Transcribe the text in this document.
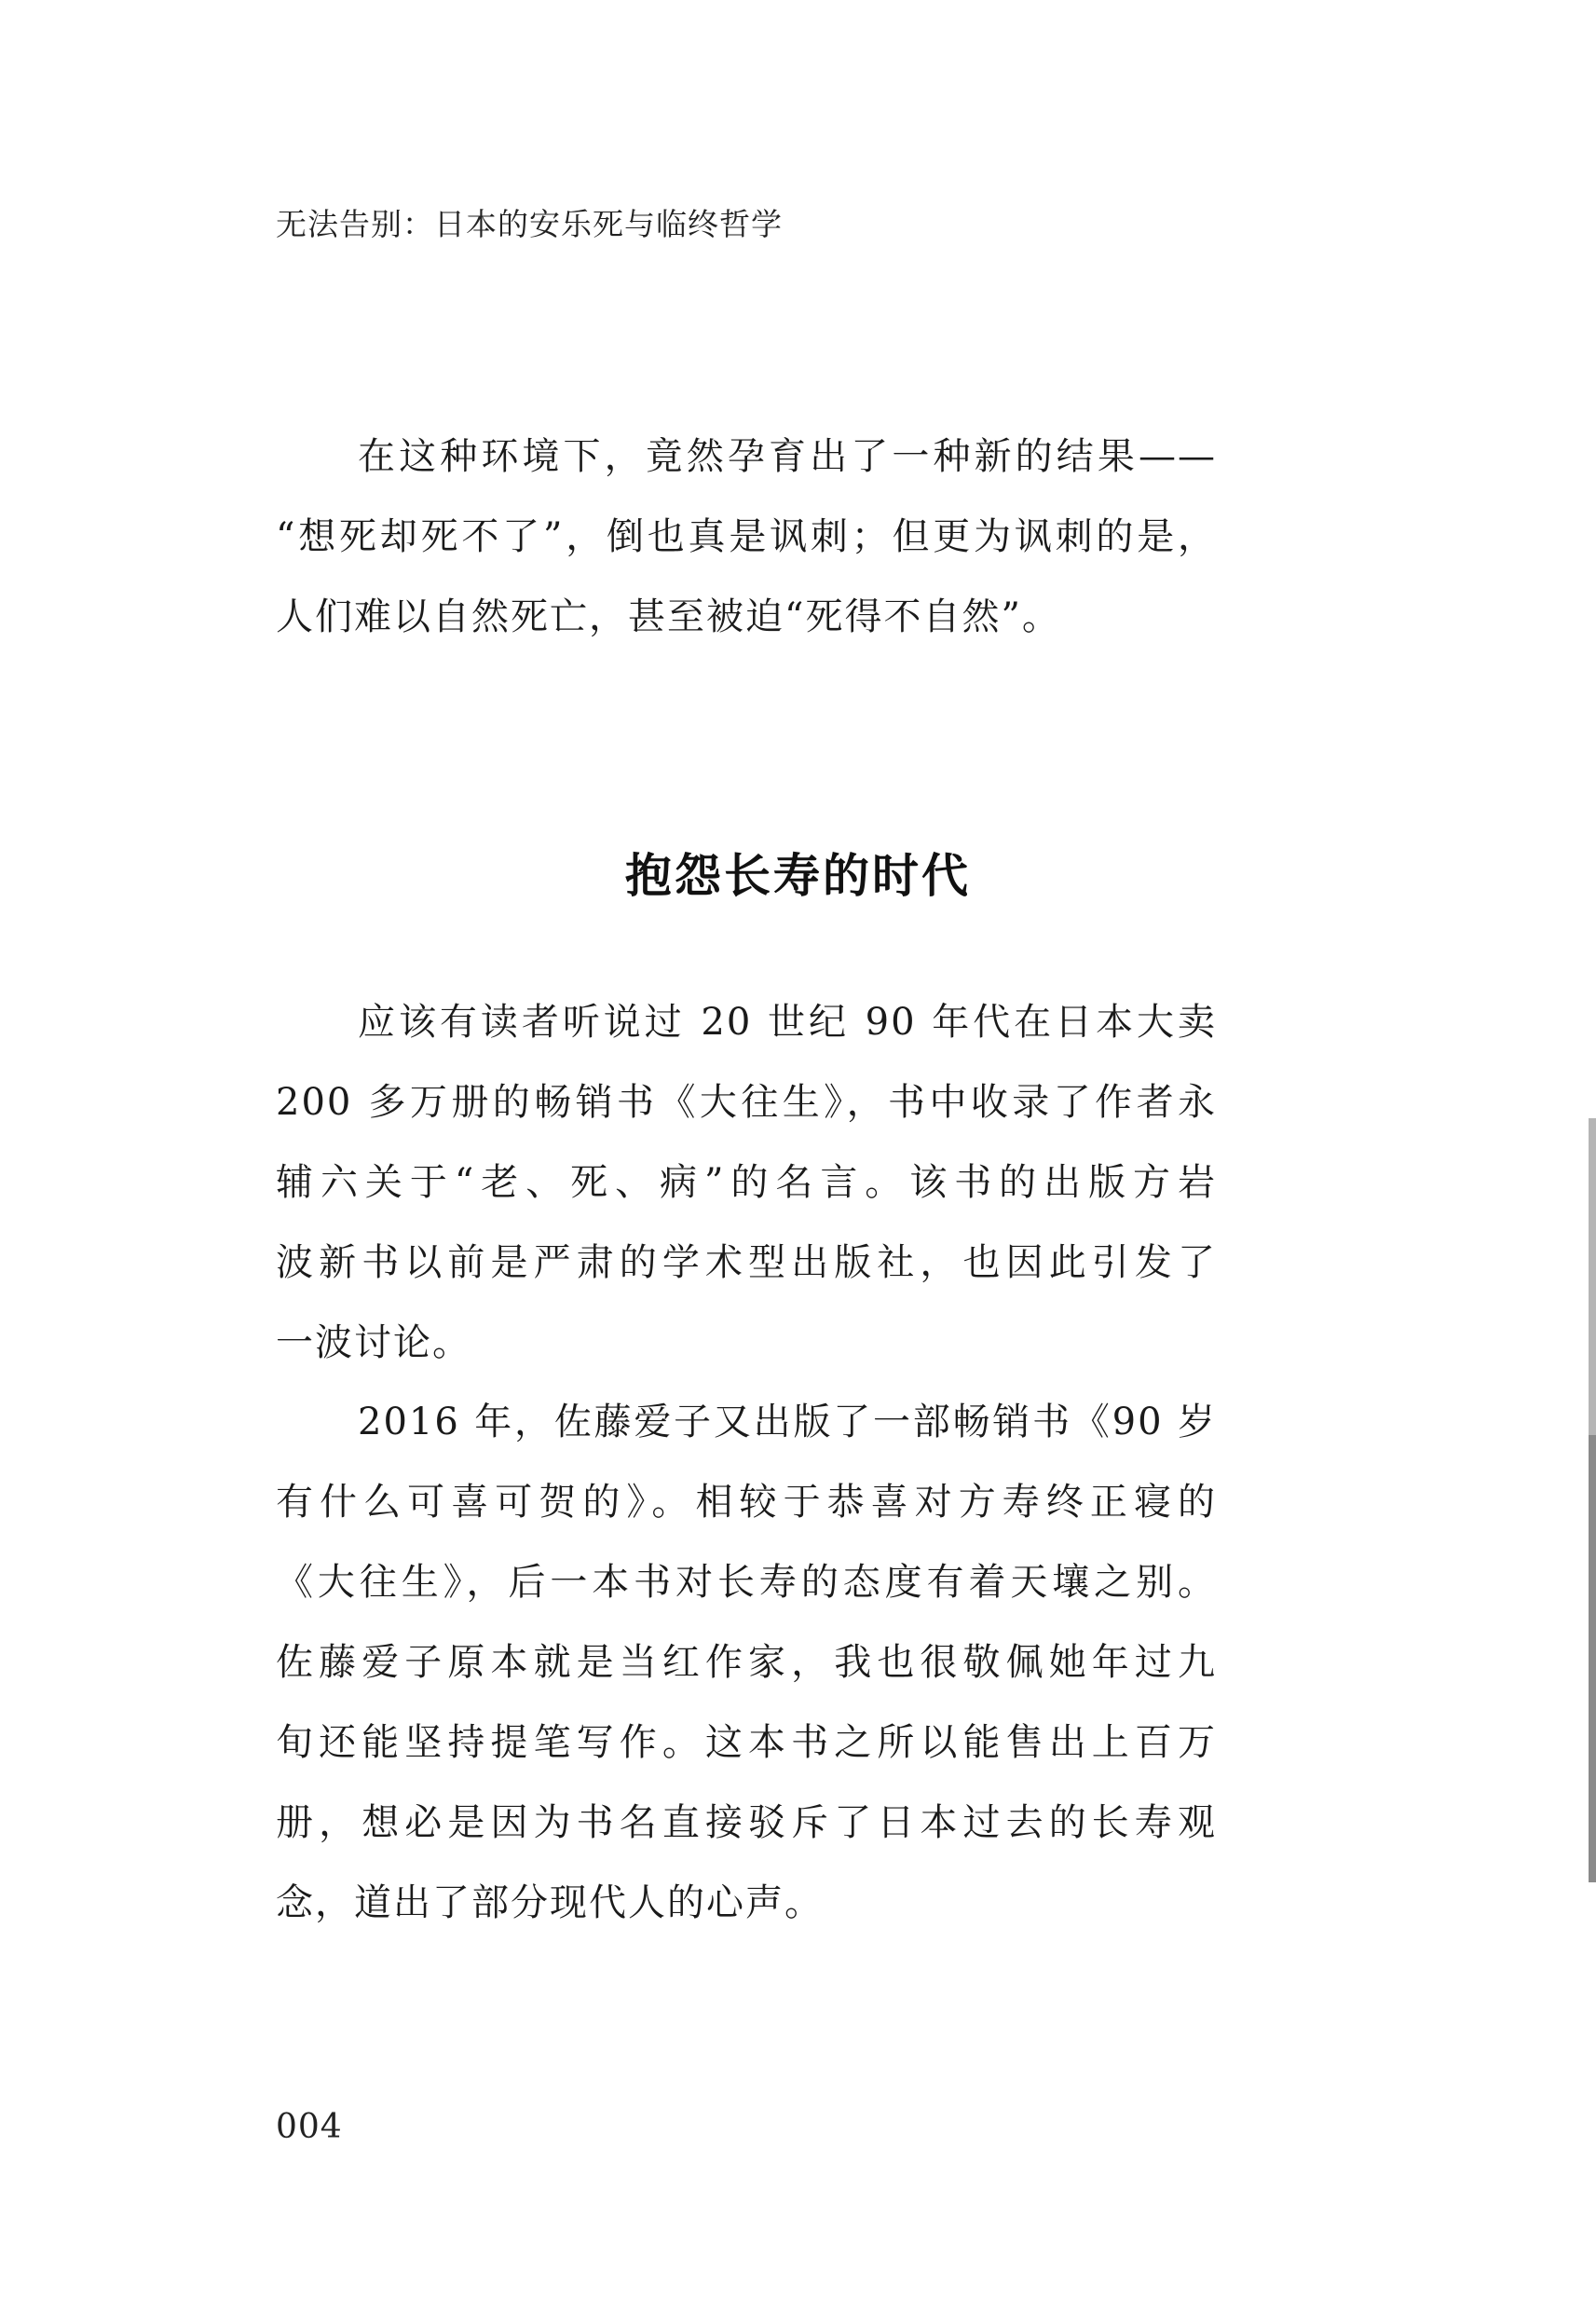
无法告别：日本的安乐死与临终哲学
在这种环境下，竟然孕育出了一种新的结果——
“想死却死不了”，倒也真是讽刺；但更为讽刺的是，
人们难以自然死亡，甚至被迫“死得不自然”。
抱怨长寿的时代
应该有读者听说过 20 世纪 90 年代在日本大卖
200 多万册的畅销书《大往生》，书中收录了作者永
辅六关于“老、死、病”的名言。该书的出版方岩
波新书以前是严肃的学术型出版社，也因此引发了
一波讨论。
2016 年，佐藤爱子又出版了一部畅销书《90 岁
有什么可喜可贺的》。相较于恭喜对方寿终正寝的
《大往生》，后一本书对长寿的态度有着天壤之别。
佐藤爱子原本就是当红作家，我也很敬佩她年过九
旬还能坚持提笔写作。这本书之所以能售出上百万
册，想必是因为书名直接驳斥了日本过去的长寿观
念，道出了部分现代人的心声。
004
